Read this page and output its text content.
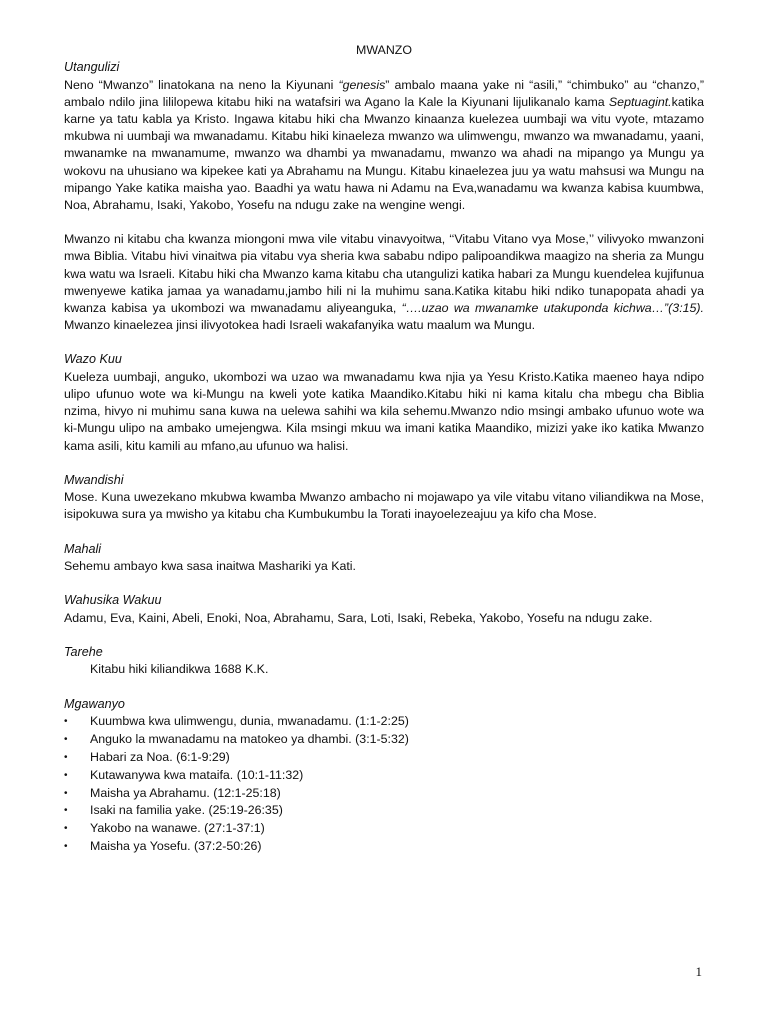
MWANZO

Utangulizi

Neno “Mwanzo” linatokana na neno la Kiyunani “genesis” ambalo maana yake ni “asili,” “chimbuko” au “chanzo,” ambalo ndilo jina lililopewa kitabu hiki na watafsiri wa Agano la Kale la Kiyunani lijulikanalo kama Septuagint.katika karne ya tatu kabla ya Kristo. Ingawa kitabu hiki cha Mwanzo kinaanza kuelezea uumbaji wa vitu vyote, mtazamo mkubwa ni uumbaji wa mwanadamu. Kitabu hiki kinaeleza mwanzo wa ulimwengu, mwanzo wa mwanadamu, yaani, mwanamke na mwanamume, mwanzo wa dhambi ya mwanadamu, mwanzo wa ahadi na mipango ya Mungu ya wokovu na uhusiano wa kipekee kati ya Abrahamu na Mungu. Kitabu kinaelezea juu ya watu mahsusi wa Mungu na mipango Yake katika maisha yao. Baadhi ya watu hawa ni Adamu na Eva,wanadamu wa kwanza kabisa kuumbwa, Noa, Abrahamu, Isaki, Yakobo, Yosefu na ndugu zake na wengine wengi.

Mwanzo ni kitabu cha kwanza miongoni mwa vile vitabu vinavyoitwa, ‘‘Vitabu Vitano vya Mose,’’ vilivyoko mwanzoni mwa Biblia. Vitabu hivi vinaitwa pia vitabu vya sheria kwa sababu ndipo palipoandikwa maagizo na sheria za Mungu kwa watu wa Israeli. Kitabu hiki cha Mwanzo kama kitabu cha utangulizi katika habari za Mungu kuendelea kujifunua mwenyewe katika jamaa ya wanadamu,jambo hili ni la muhimu sana.Katika kitabu hiki ndiko tunapopata ahadi ya kwanza kabisa ya ukombozi wa mwanadamu aliyeanguka, “….uzao wa mwanamke utakuponda kichwa…”(3:15). Mwanzo kinaelezea jinsi ilivyotokea hadi Israeli wakafanyika watu maalum wa Mungu.

Wazo Kuu

Kueleza uumbaji, anguko, ukombozi wa uzao wa mwanadamu kwa njia ya Yesu Kristo.Katika maeneo haya ndipo ulipo ufunuo wote wa ki-Mungu na kweli yote katika Maandiko.Kitabu hiki ni kama kitalu cha mbegu cha Biblia nzima, hivyo ni muhimu sana kuwa na uelewa sahihi wa kila sehemu.Mwanzo ndio msingi ambako ufunuo wote wa ki-Mungu ulipo na ambako umejengwa. Kila msingi mkuu wa imani katika Maandiko, mizizi yake iko katika Mwanzo kama asili, kitu kamili au mfano,au ufunuo wa halisi.

Mwandishi

Mose. Kuna uwezekano mkubwa kwamba Mwanzo ambacho ni mojawapo ya vile vitabu vitano viliandikwa na Mose, isipokuwa sura ya mwisho ya kitabu cha Kumbukumbu la Torati inayoelezeajuu ya kifo cha Mose.

Mahali

Sehemu ambayo kwa sasa inaitwa Mashariki ya Kati.

Wahusika Wakuu

Adamu, Eva, Kaini, Abeli, Enoki, Noa, Abrahamu, Sara, Loti, Isaki, Rebeka, Yakobo, Yosefu na ndugu zake.

Tarehe

Kitabu hiki kiliandikwa 1688 K.K.

Mgawanyo

• Kuumbwa kwa ulimwengu, dunia, mwanadamu. (1:1-2:25)
• Anguko la mwanadamu na matokeo ya dhambi. (3:1-5:32)
• Habari za Noa. (6:1-9:29)
• Kutawanywa kwa mataifa. (10:1-11:32)
• Maisha ya Abrahamu. (12:1-25:18)
• Isaki na familia yake. (25:19-26:35)
• Yakobo na wanawe. (27:1-37:1)
• Maisha ya Yosefu. (37:2-50:26)
1
